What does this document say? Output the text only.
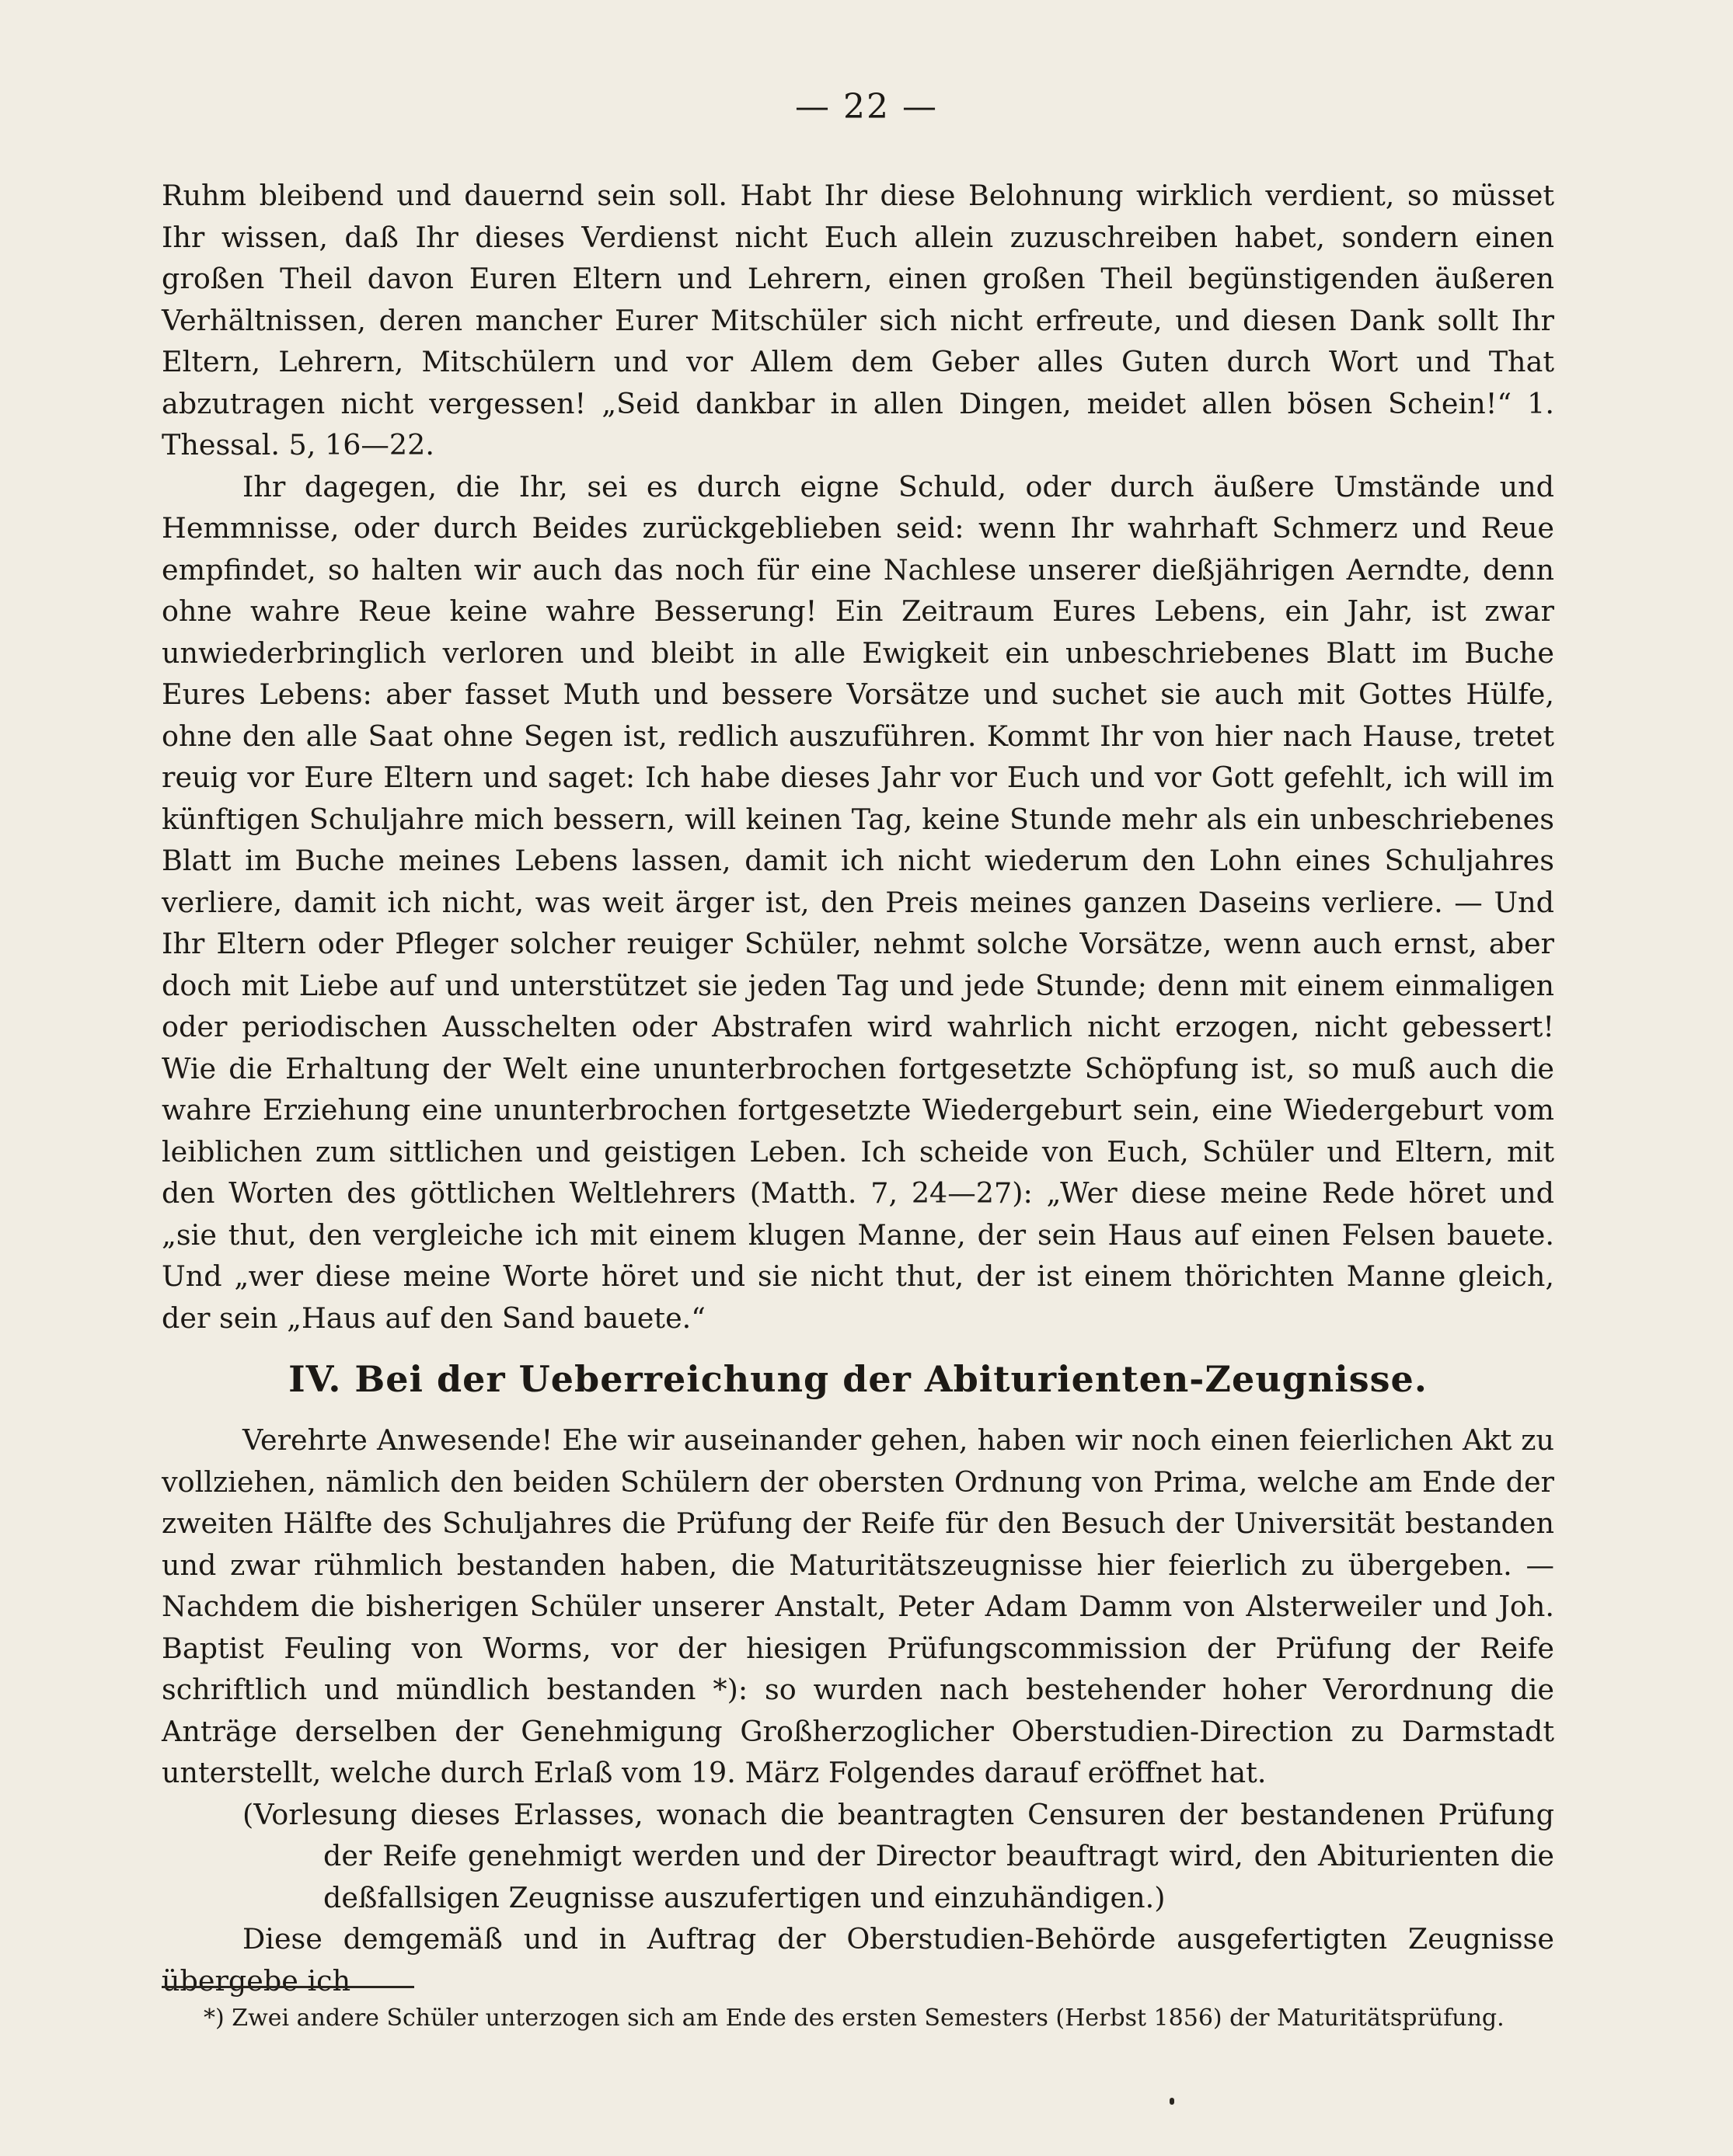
— 22 —

Ruhm bleibend und dauernd sein soll. Habt Ihr diese Belohnung wirklich verdient, so müsset Ihr wissen, daß Ihr dieses Verdienst nicht Euch allein zuzuschreiben habet, sondern einen großen Theil davon Euren Eltern und Lehrern, einen großen Theil begünstigenden äußeren Verhältnissen, deren mancher Eurer Mitschüler sich nicht erfreute, und diesen Dank sollt Ihr Eltern, Lehrern, Mitschülern und vor Allem dem Geber alles Guten durch Wort und That abzutragen nicht vergessen! „Seid dankbar in allen Dingen, meidet allen bösen Schein!“ 1. Thessal. 5, 16—22.

Ihr dagegen, die Ihr, sei es durch eigne Schuld, oder durch äußere Umstände und Hemmnisse, oder durch Beides zurückgeblieben seid: wenn Ihr wahrhaft Schmerz und Reue empfindet, so halten wir auch das noch für eine Nachlese unserer dießjährigen Aerndte, denn ohne wahre Reue keine wahre Besserung! Ein Zeitraum Eures Lebens, ein Jahr, ist zwar unwiederbringlich verloren und bleibt in alle Ewigkeit ein unbeschriebenes Blatt im Buche Eures Lebens: aber fasset Muth und bessere Vorsätze und suchet sie auch mit Gottes Hülfe, ohne den alle Saat ohne Segen ist, redlich auszuführen. Kommt Ihr von hier nach Hause, tretet reuig vor Eure Eltern und saget: Ich habe dieses Jahr vor Euch und vor Gott gefehlt, ich will im künftigen Schuljahre mich bessern, will keinen Tag, keine Stunde mehr als ein unbeschriebenes Blatt im Buche meines Lebens lassen, damit ich nicht wiederum den Lohn eines Schuljahres verliere, damit ich nicht, was weit ärger ist, den Preis meines ganzen Daseins verliere. — Und Ihr Eltern oder Pfleger solcher reuiger Schüler, nehmt solche Vorsätze, wenn auch ernst, aber doch mit Liebe auf und unterstützet sie jeden Tag und jede Stunde; denn mit einem einmaligen oder periodischen Ausschelten oder Abstrafen wird wahrlich nicht erzogen, nicht gebessert! Wie die Erhaltung der Welt eine ununterbrochen fortgesetzte Schöpfung ist, so muß auch die wahre Erziehung eine ununterbrochen fortgesetzte Wiedergeburt sein, eine Wiedergeburt vom leiblichen zum sittlichen und geistigen Leben. Ich scheide von Euch, Schüler und Eltern, mit den Worten des göttlichen Weltlehrers (Matth. 7, 24—27): „Wer diese meine Rede höret und „sie thut, den vergleiche ich mit einem klugen Manne, der sein Haus auf einen Felsen bauete. Und „wer diese meine Worte höret und sie nicht thut, der ist einem thörichten Manne gleich, der sein „Haus auf den Sand bauete.“

IV. Bei der Ueberreichung der Abiturienten-Zeugnisse.

Verehrte Anwesende! Ehe wir auseinander gehen, haben wir noch einen feierlichen Akt zu vollziehen, nämlich den beiden Schülern der obersten Ordnung von Prima, welche am Ende der zweiten Hälfte des Schuljahres die Prüfung der Reife für den Besuch der Universität bestanden und zwar rühmlich bestanden haben, die Maturitätszeugnisse hier feierlich zu übergeben. — Nachdem die bisherigen Schüler unserer Anstalt, Peter Adam Damm von Alsterweiler und Joh. Baptist Feuling von Worms, vor der hiesigen Prüfungscommission der Prüfung der Reife schriftlich und mündlich bestanden *): so wurden nach bestehender hoher Verordnung die Anträge derselben der Genehmigung Großherzoglicher Oberstudien-Direction zu Darmstadt unterstellt, welche durch Erlaß vom 19. März Folgendes darauf eröffnet hat.

(Vorlesung dieses Erlasses, wonach die beantragten Censuren der bestandenen Prüfung der Reife genehmigt werden und der Director beauftragt wird, den Abiturienten die deßfallsigen Zeugnisse auszufertigen und einzuhändigen.)

Diese demgemäß und in Auftrag der Oberstudien-Behörde ausgefertigten Zeugnisse übergebe ich

*) Zwei andere Schüler unterzogen sich am Ende des ersten Semesters (Herbst 1856) der Maturitätsprüfung.
